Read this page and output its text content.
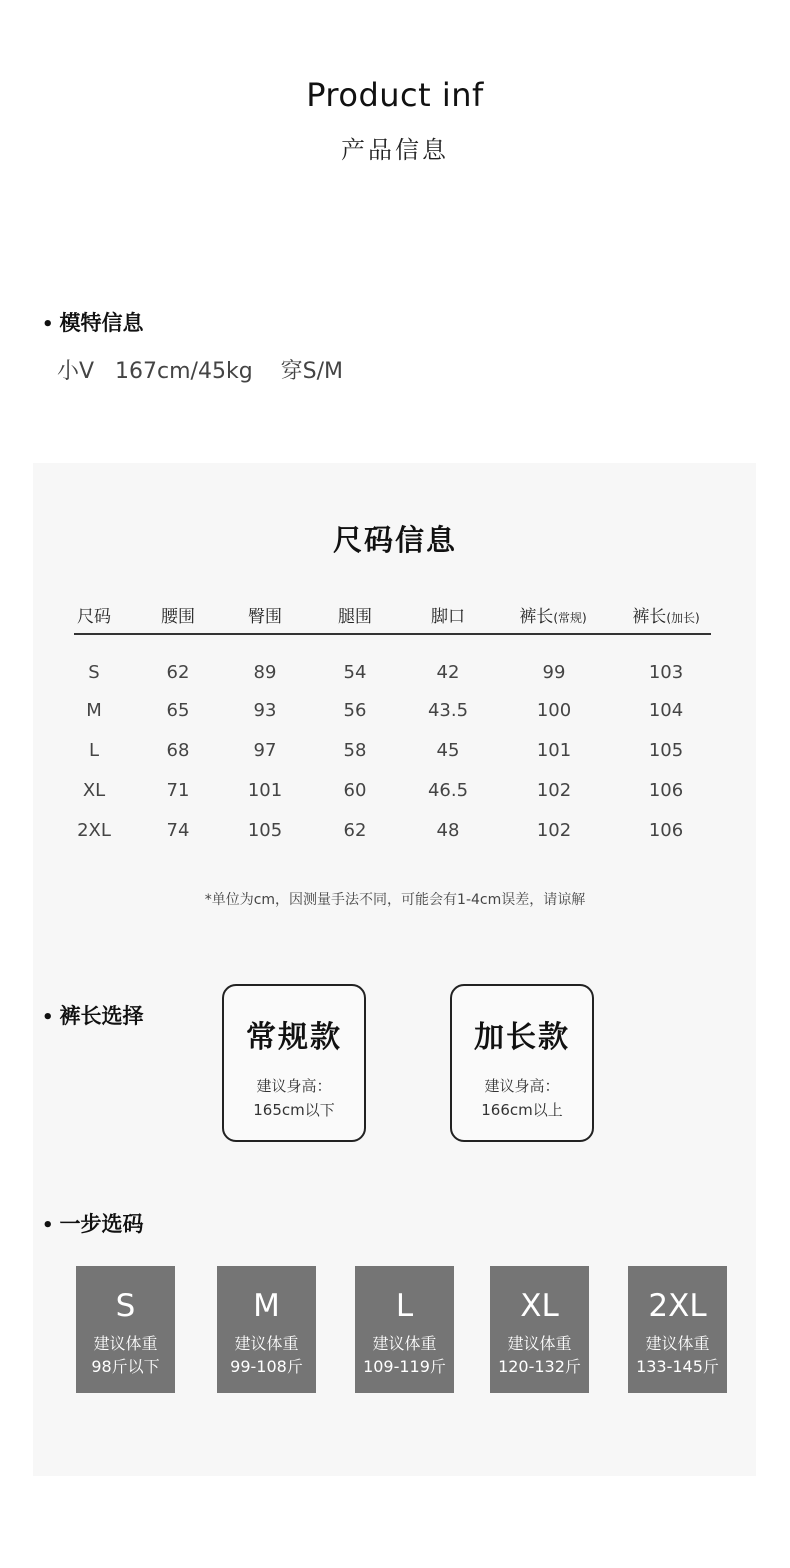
Product inf
产品信息
• 模特信息
小V   167cm/45kg    穿S/M
尺码信息
尺码	腰围	臀围	腿围	脚口	裤长(常规)	裤长(加长)
S	62	89	54	42	99	103
M	65	93	56	43.5	100	104
L	68	97	58	45	101	105
XL	71	101	60	46.5	102	106
2XL	74	105	62	48	102	106
*单位为cm，因测量手法不同，可能会有1-4cm误差，请谅解
• 裤长选择
常规款
建议身高：
165cm以下
加长款
建议身高：
166cm以上
• 一步选码
S
建议体重
98斤以下
M
建议体重
99-108斤
L
建议体重
109-119斤
XL
建议体重
120-132斤
2XL
建议体重
133-145斤
